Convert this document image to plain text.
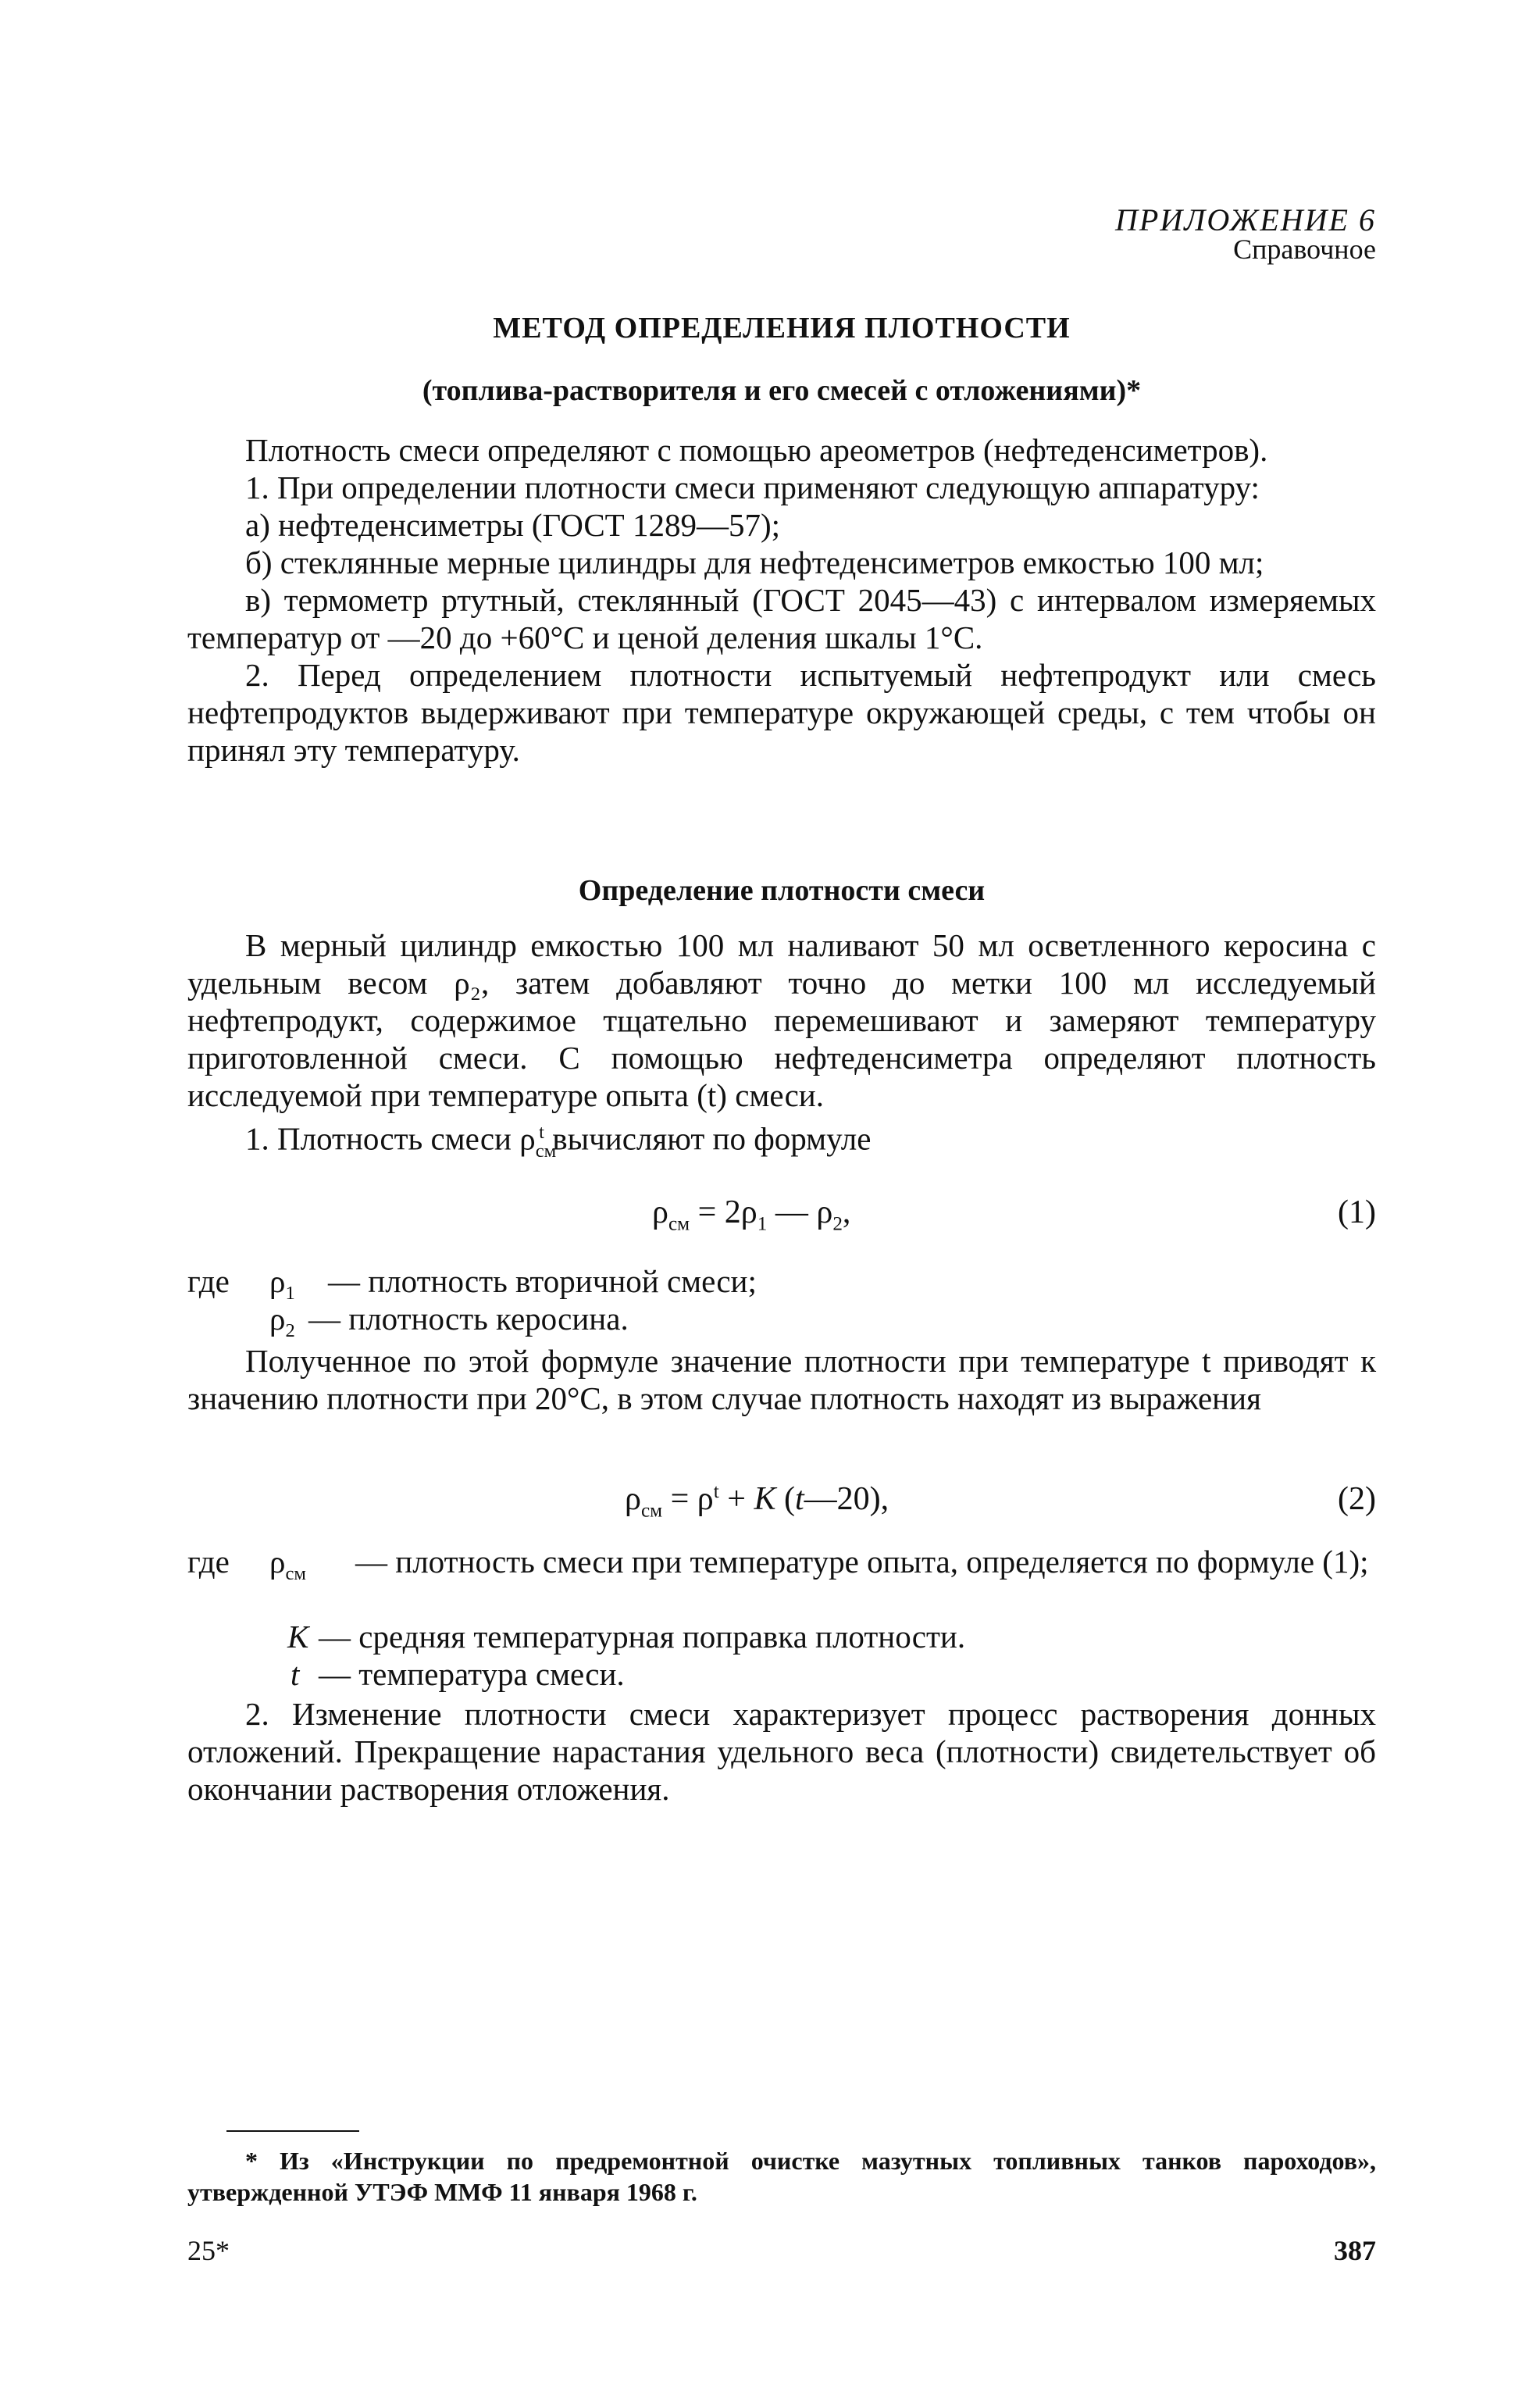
ПРИЛОЖЕНИЕ 6
Справочное
МЕТОД ОПРЕДЕЛЕНИЯ ПЛОТНОСТИ
(топлива-растворителя и его смесей с отложениями)*

Плотность смеси определяют с помощью ареометров (нефтеденсиметров).

1. При определении плотности смеси применяют следующую аппаратуру:

а) нефтеденсиметры (ГОСТ 1289—57);

б) стеклянные мерные цилиндры для нефтеденсиметров емкостью 100 мл;

в) термометр ртутный, стеклянный (ГОСТ 2045—43) с интервалом измеряемых температур от —20 до +60°С и ценой деления шкалы 1°С.

2. Перед определением плотности испытуемый нефтепродукт или смесь нефтепродуктов выдерживают при температуре окружающей среды, с тем чтобы он принял эту температуру.

Определение плотности смеси

В мерный цилиндр емкостью 100 мл наливают 50 мл осветленного керосина с удельным весом ρ₂, затем добавляют точно до метки 100 мл исследуемый нефтепродукт, содержимое тщательно перемешивают и замеряют температуру приготовленной смеси. С помощью нефтеденсиметра определяют плотность исследуемой при температуре опыта (t) смеси.

1. Плотность смеси $\rho_{см}^t$ вычисляют по формуле

$\rho_{см} = 2\rho_1$ — $\rho_2$,	(1)
где $\rho_1$ — плотность вторичной смеси;
$\rho_2$ — плотность керосина.

Полученное по этой формуле значение плотности при температуре t приводят к значению плотности при 20°С, в этом случае плотность находят из выражения

$\rho_{см} = \rho^t + K$ (t—20),	(2)
где $\rho_{см}$ — плотность смеси при температуре опыта, определяется по формуле (1);
K — средняя температурная поправка плотности.
t — температура смеси.

2. Изменение плотности смеси характеризует процесс растворения донных отложений. Прекращение нарастания удельного веса (плотности) свидетельствует об окончании растворения отложения.

* Из «Инструкции по предремонтной очистке мазутных топливных танков пароходов», утвержденной УТЭФ ММФ 11 января 1968 г.
25*	387
